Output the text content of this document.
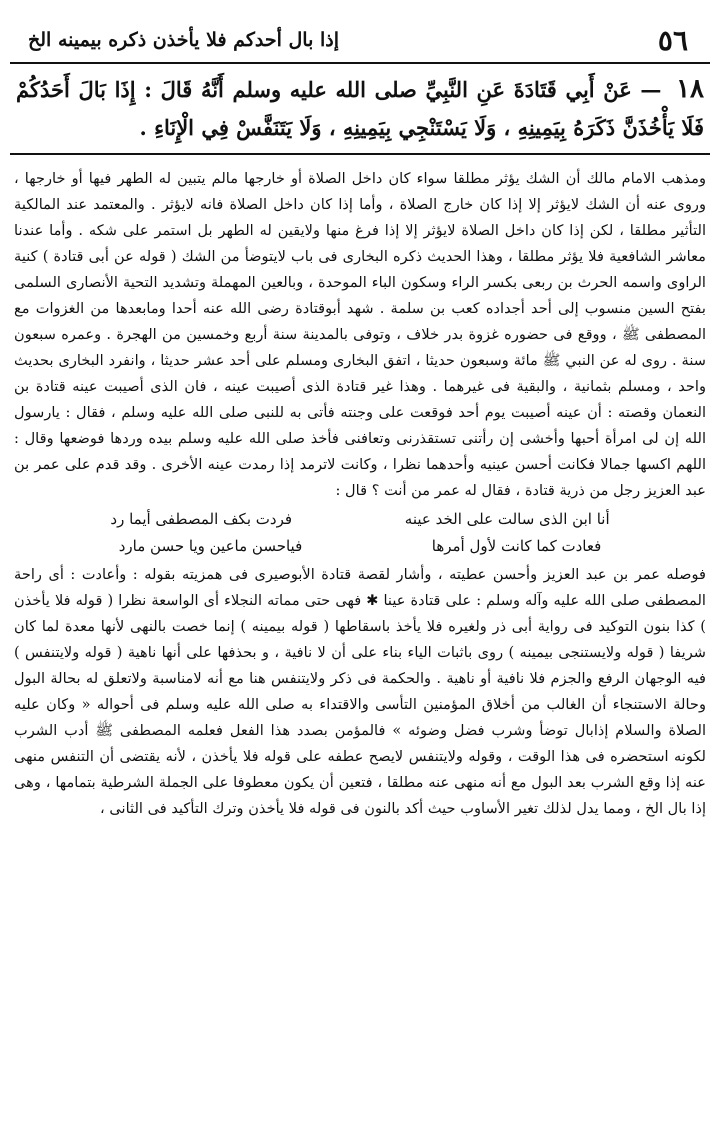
٥٦
إذا بال أحدكم فلا يأخذن ذكره بيمينه الخ
١٨ — عَنْ أَبِي قَتَادَةَ عَنِ النَّبِيِّ صلى الله عليه وسلم أَنَّهُ قَالَ : إِذَا بَالَ أَحَدُكُمْ فَلَا يَأْخُذَنَّ ذَكَرَهُ بِيَمِينِهِ ، وَلَا يَسْتَنْجِي بِيَمِينِهِ ، وَلَا يَتَنَفَّسْ فِي الْإِنَاءِ .

ومذهب الامام مالك أن الشك يؤثر مطلقا سواء كان داخل الصلاة أو خارجها مالم يتبين له الطهر فيها أو خارجها ، وروى عنه أن الشك لايؤثر إلا إذا كان خارج الصلاة ، وأما إذا كان داخل الصلاة فانه لايؤثر . والمعتمد عند المالكية التأثير مطلقا ، لكن إذا كان داخل الصلاة لايؤثر إلا إذا فرغ منها ولايقين له الطهر بل استمر على شكه . وأما عندنا معاشر الشافعية فلا يؤثر مطلقا ، وهذا الحديث ذكره البخارى فى باب لايتوضأ من الشك ( قوله عن أبى قتادة ) كنية الراوى واسمه الحرث بن ربعى بكسر الراء وسكون الباء الموحدة ، وبالعين المهملة وتشديد التحية الأنصارى السلمى بفتح السين منسوب إلى أحد أجداده كعب بن سلمة . شهد أبوقتادة رضى الله عنه أحدا ومابعدها من الغزوات مع المصطفى ﷺ ، ووقع فى حضوره غزوة بدر خلاف ، وتوفى بالمدينة سنة أربع وخمسين من الهجرة . وعمره سبعون سنة . روى له عن النبي ﷺ مائة وسبعون حديثا ، اتفق البخارى ومسلم على أحد عشر حديثا ، وانفرد البخارى بحديث واحد ، ومسلم بثمانية ، والبقية فى غيرهما . وهذا غير قتادة الذى أصيبت عينه ، فان الذى أصيبت عينه قتادة بن النعمان وقصته : أن عينه أصيبت يوم أحد فوقعت على وجنته فأتى به للنبى صلى الله عليه وسلم ، فقال : يارسول الله إن لى امرأة أحبها وأخشى إن رأتنى تستقذرنى وتعافنى فأخذ صلى الله عليه وسلم بيده وردها فوضعها وقال : اللهم اكسها جمالا فكانت أحسن عينيه وأحدهما نظرا ، وكانت لاترمد إذا رمدت عينه الأخرى . وقد قدم على عمر بن عبد العزيز رجل من ذرية قتادة ، فقال له عمر من أنت ؟ قال :

أنا ابن الذى سالت على الخد عينه
فردت بكف المصطفى أيما رد
فعادت كما كانت لأول أمرها
فياحسن ماعين ويا حسن مارد

فوصله عمر بن عبد العزيز وأحسن عطيته ، وأشار لقصة قتادة الأبوصيرى فى همزيته بقوله : وأعادت : أى راحة المصطفى صلى الله عليه وآله وسلم : على قتادة عينا ✱ فهى حتى مماته النجلاء أى الواسعة نظرا ( قوله فلا يأخذن ) كذا بنون التوكيد فى رواية أبى ذر ولغيره فلا يأخذ باسقاطها ( قوله بيمينه ) إنما خصت بالنهى لأنها معدة لما كان شريفا ( قوله ولايستنجى بيمينه ) روى باثبات الياء بناء على أن لا نافية ، و بحذفها على أنها ناهية ( قوله ولايتنفس ) فيه الوجهان الرفع والجزم فلا نافية أو ناهية . والحكمة فى ذكر ولايتنفس هنا مع أنه لامناسبة ولاتعلق له بحالة البول وحالة الاستنجاء أن الغالب من أخلاق المؤمنين التأسى والاقتداء به صلى الله عليه وسلم فى أحواله « وكان عليه الصلاة والسلام إذابال توضأ وشرب فضل وضوئه » فالمؤمن بصدد هذا الفعل فعلمه المصطفى ﷺ أدب الشرب لكونه استحضره فى هذا الوقت ، وقوله ولايتنفس لايصح عطفه على قوله فلا يأخذن ، لأنه يقتضى أن التنفس منهى عنه إذا وقع الشرب بعد البول مع أنه منهى عنه مطلقا ، فتعين أن يكون معطوفا على الجملة الشرطية بتمامها ، وهى إذا بال الخ ، ومما يدل لذلك تغير الأساوب حيث أكد بالنون فى قوله فلا يأخذن وترك التأكيد فى الثانى ،
